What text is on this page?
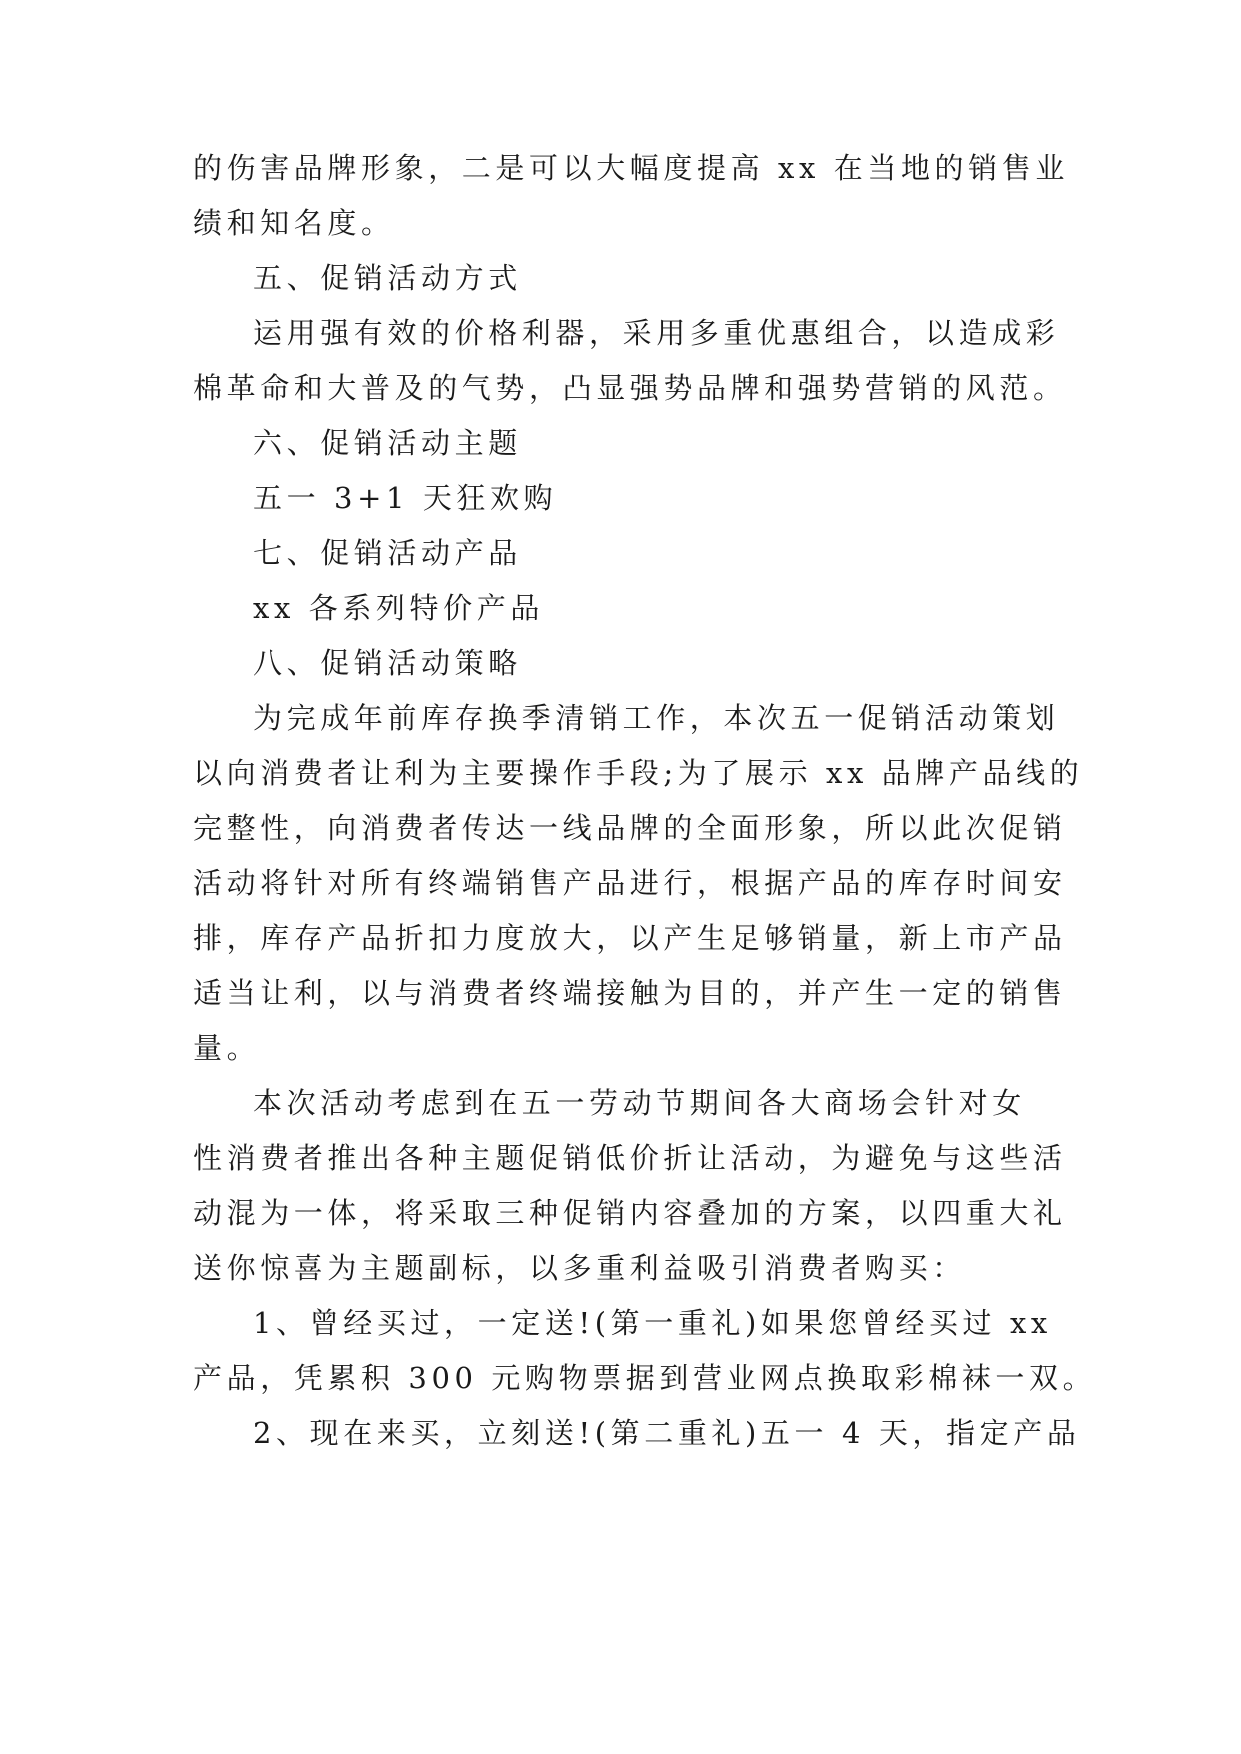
的伤害品牌形象，二是可以大幅度提高 xx 在当地的销售业
绩和知名度。
五、促销活动方式
运用强有效的价格利器，采用多重优惠组合，以造成彩
棉革命和大普及的气势，凸显强势品牌和强势营销的风范。
六、促销活动主题
五一 3+1 天狂欢购
七、促销活动产品
xx 各系列特价产品
八、促销活动策略
为完成年前库存换季清销工作，本次五一促销活动策划
以向消费者让利为主要操作手段;为了展示 xx 品牌产品线的
完整性，向消费者传达一线品牌的全面形象，所以此次促销
活动将针对所有终端销售产品进行，根据产品的库存时间安
排，库存产品折扣力度放大，以产生足够销量，新上市产品
适当让利，以与消费者终端接触为目的，并产生一定的销售
量。
本次活动考虑到在五一劳动节期间各大商场会针对女
性消费者推出各种主题促销低价折让活动，为避免与这些活
动混为一体，将采取三种促销内容叠加的方案，以四重大礼
送你惊喜为主题副标，以多重利益吸引消费者购买：
1、曾经买过，一定送!(第一重礼)如果您曾经买过 xx
产品，凭累积 300 元购物票据到营业网点换取彩棉袜一双。
2、现在来买，立刻送!(第二重礼)五一 4 天，指定产品
